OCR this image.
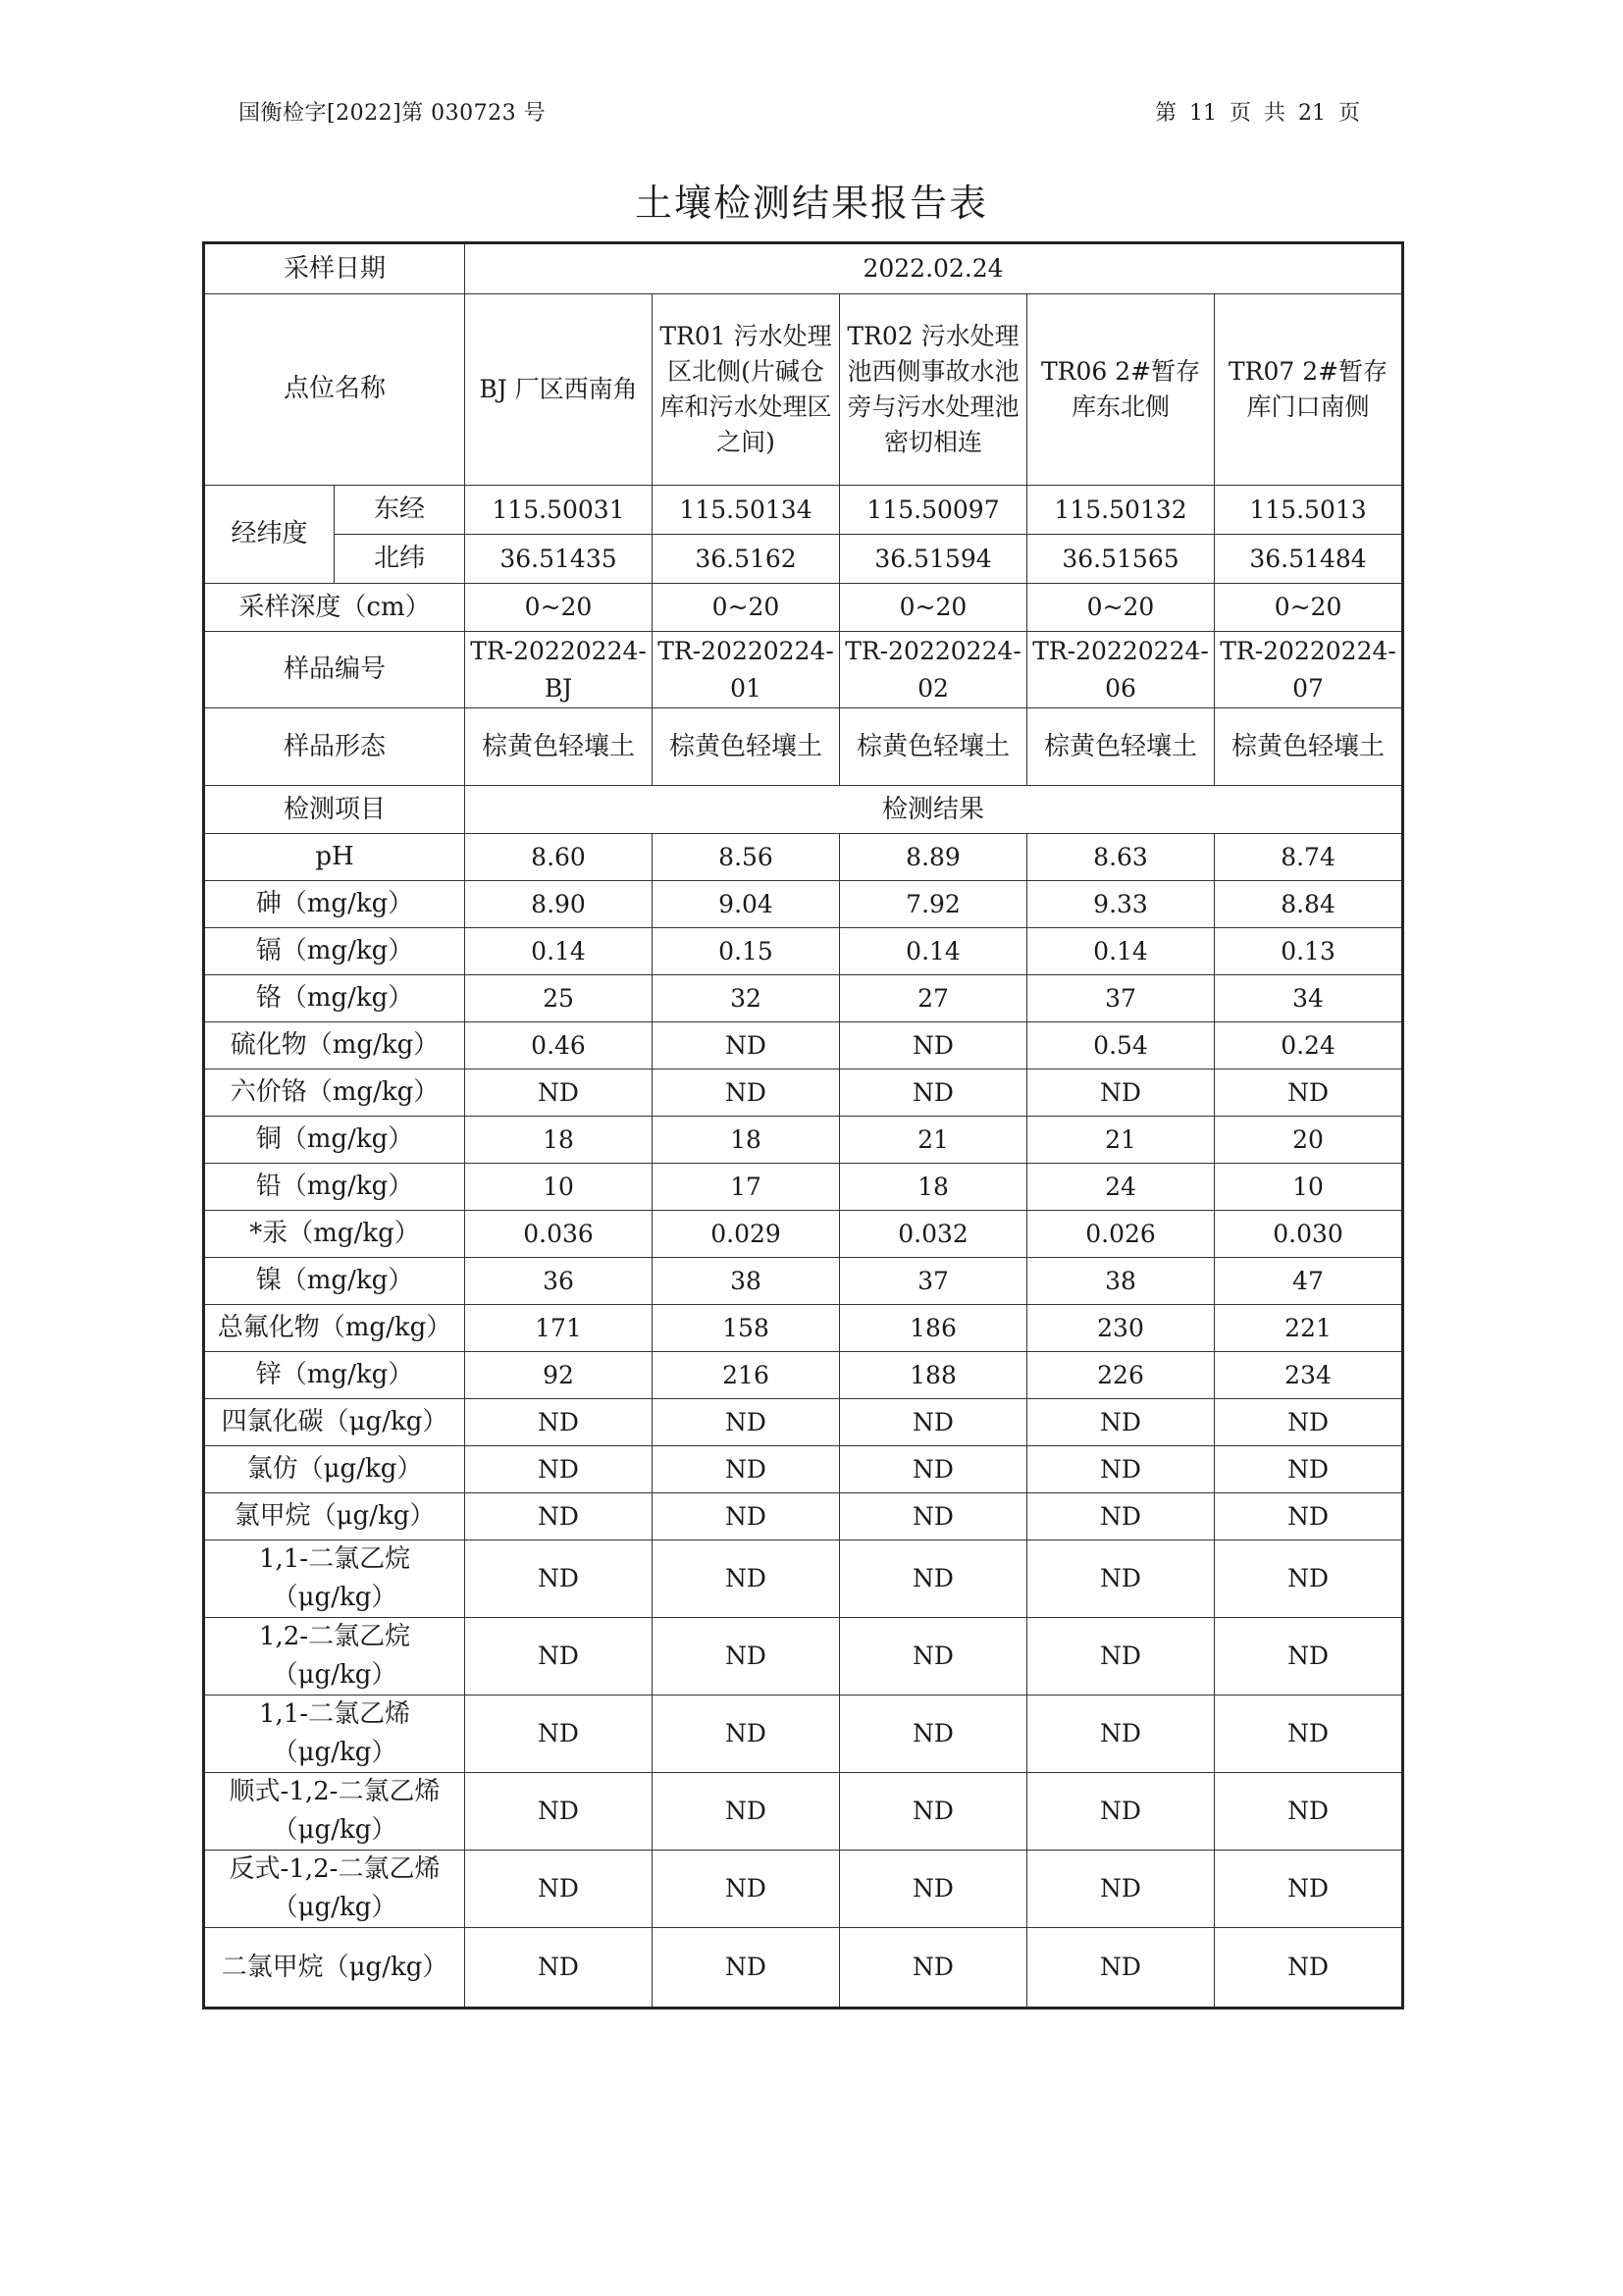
国衡检字[2022]第 030723 号	第 11 页 共 21 页
土壤检测结果报告表
采样日期		2022.02.24				
点位名称		BJ 厂区西南角	TR01 污水处理区北侧(片碱仓库和污水处理区之间)	TR02 污水处理池西侧事故水池旁与污水处理池密切相连	TR06 2#暂存库东北侧	TR07 2#暂存库门口南侧
经纬度	东经	115.50031	115.50134	115.50097	115.50132	115.5013
	北纬	36.51435	36.5162	36.51594	36.51565	36.51484
采样深度（cm）		0~20	0~20	0~20	0~20	0~20
样品编号		TR-20220224-BJ	TR-20220224-01	TR-20220224-02	TR-20220224-06	TR-20220224-07
样品形态		棕黄色轻壤土	棕黄色轻壤土	棕黄色轻壤土	棕黄色轻壤土	棕黄色轻壤土
检测项目		检测结果				
pH		8.60	8.56	8.89	8.63	8.74
砷（mg/kg）		8.90	9.04	7.92	9.33	8.84
镉（mg/kg）		0.14	0.15	0.14	0.14	0.13
铬（mg/kg）		25	32	27	37	34
硫化物（mg/kg）		0.46	ND	ND	0.54	0.24
六价铬（mg/kg）		ND	ND	ND	ND	ND
铜（mg/kg）		18	18	21	21	20
铅（mg/kg）		10	17	18	24	10
*汞（mg/kg）		0.036	0.029	0.032	0.026	0.030
镍（mg/kg）		36	38	37	38	47
总氟化物（mg/kg）		171	158	186	230	221
锌（mg/kg）		92	216	188	226	234
四氯化碳（μg/kg）		ND	ND	ND	ND	ND
氯仿（μg/kg）		ND	ND	ND	ND	ND
氯甲烷（μg/kg）		ND	ND	ND	ND	ND
1,1-二氯乙烷（μg/kg）		ND	ND	ND	ND	ND
1,2-二氯乙烷（μg/kg）		ND	ND	ND	ND	ND
1,1-二氯乙烯（μg/kg）		ND	ND	ND	ND	ND
顺式-1,2-二氯乙烯（μg/kg）		ND	ND	ND	ND	ND
反式-1,2-二氯乙烯（μg/kg）		ND	ND	ND	ND	ND
二氯甲烷（μg/kg）		ND	ND	ND	ND	ND
